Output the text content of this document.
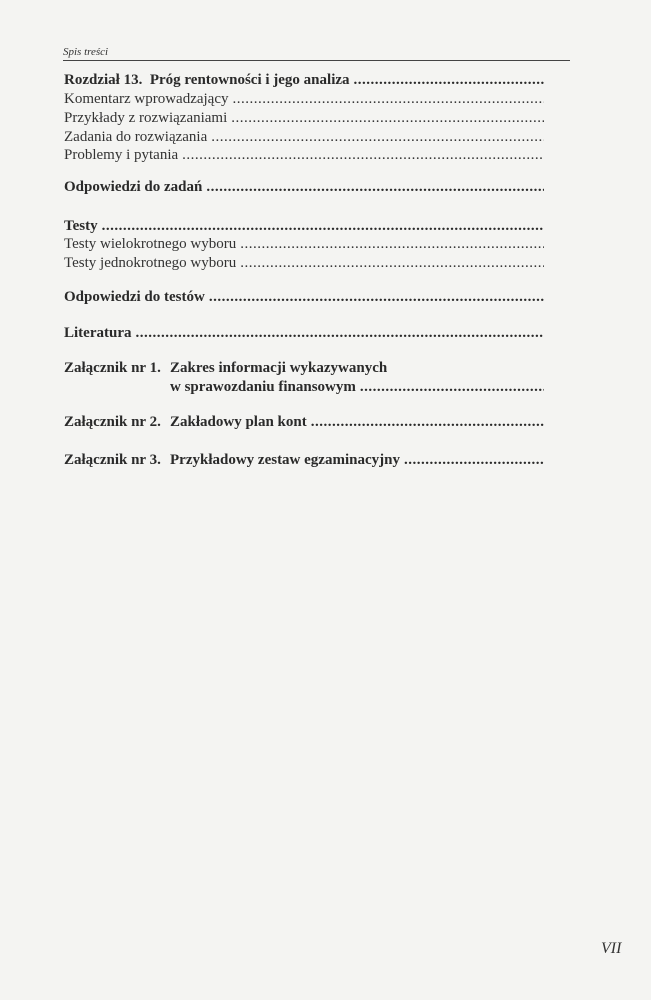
Spis treści
Rozdział 13.  Próg rentowności i jego analiza
.....
Komentarz wprowadzający
.....
Przykłady z rozwiązaniami
.....
Zadania do rozwiązania
.....
Problemy i pytania
.....
Odpowiedzi do zadań
.....
Testy
.....
Testy wielokrotnego wyboru
.....
Testy jednokrotnego wyboru
.....
Odpowiedzi do testów
.....
Literatura
.....
Załącznik nr 1. Zakres informacji wykazywanych
w sprawozdaniu finansowym
.....
Załącznik nr 2. Zakładowy plan kont
.....
Załącznik nr 3. Przykładowy zestaw egzaminacyjny
.....
VII
